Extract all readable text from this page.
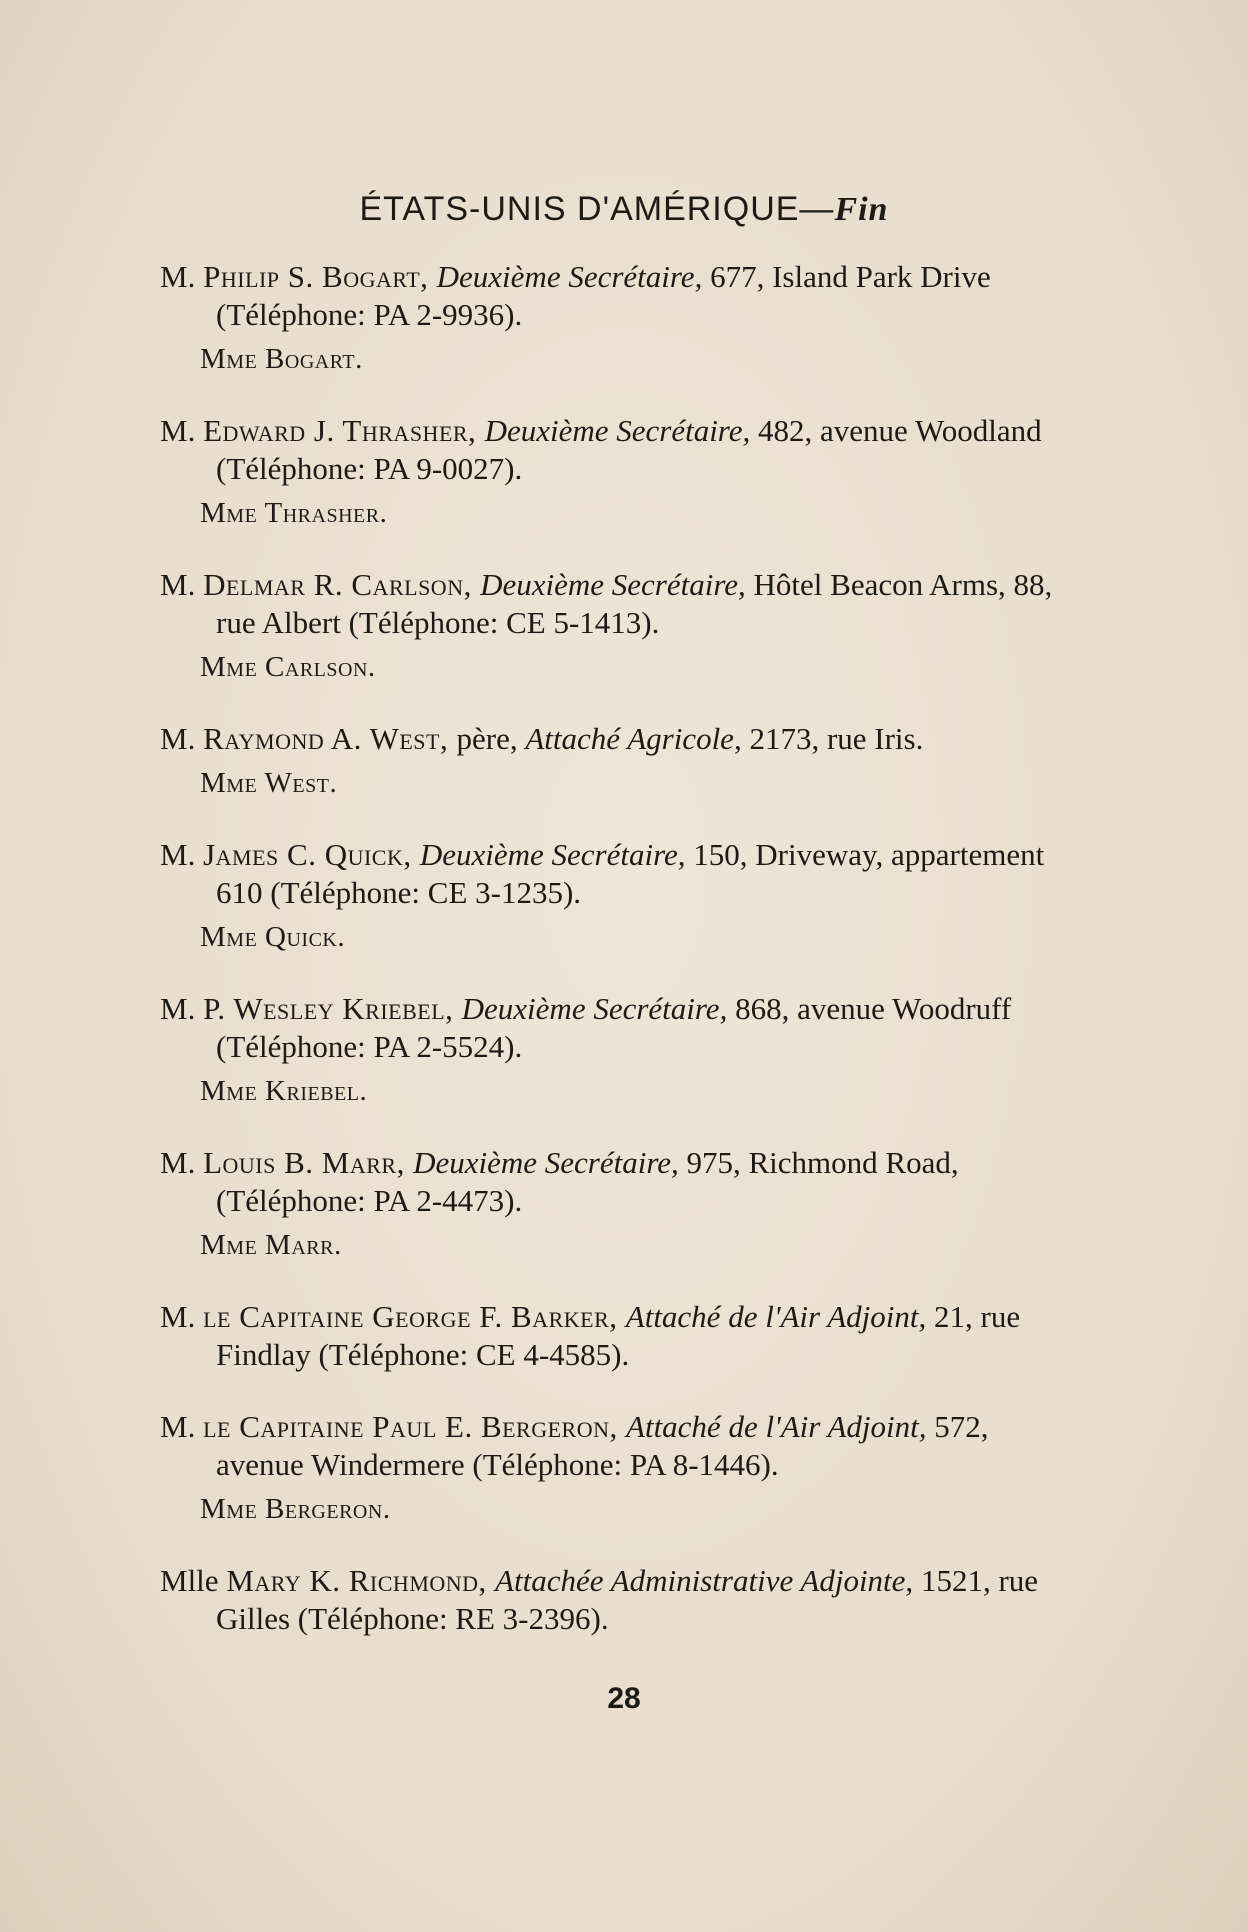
ÉTATS-UNIS D'AMÉRIQUE—Fin
M. Philip S. Bogart, Deuxième Secrétaire, 677, Island Park Drive (Téléphone: PA 2-9936).
Mme Bogart.
M. Edward J. Thrasher, Deuxième Secrétaire, 482, avenue Woodland (Téléphone: PA 9-0027).
Mme Thrasher.
M. Delmar R. Carlson, Deuxième Secrétaire, Hôtel Beacon Arms, 88, rue Albert (Téléphone: CE 5-1413).
Mme Carlson.
M. Raymond A. West, père, Attaché Agricole, 2173, rue Iris.
Mme West.
M. James C. Quick, Deuxième Secrétaire, 150, Driveway, appartement 610 (Téléphone: CE 3-1235).
Mme Quick.
M. P. Wesley Kriebel, Deuxième Secrétaire, 868, avenue Woodruff (Téléphone: PA 2-5524).
Mme Kriebel.
M. Louis B. Marr, Deuxième Secrétaire, 975, Richmond Road, (Téléphone: PA 2-4473).
Mme Marr.
M. le Capitaine George F. Barker, Attaché de l'Air Adjoint, 21, rue Findlay (Téléphone: CE 4-4585).
M. le Capitaine Paul E. Bergeron, Attaché de l'Air Adjoint, 572, avenue Windermere (Téléphone: PA 8-1446).
Mme Bergeron.
Mlle Mary K. Richmond, Attachée Administrative Adjointe, 1521, rue Gilles (Téléphone: RE 3-2396).
28
